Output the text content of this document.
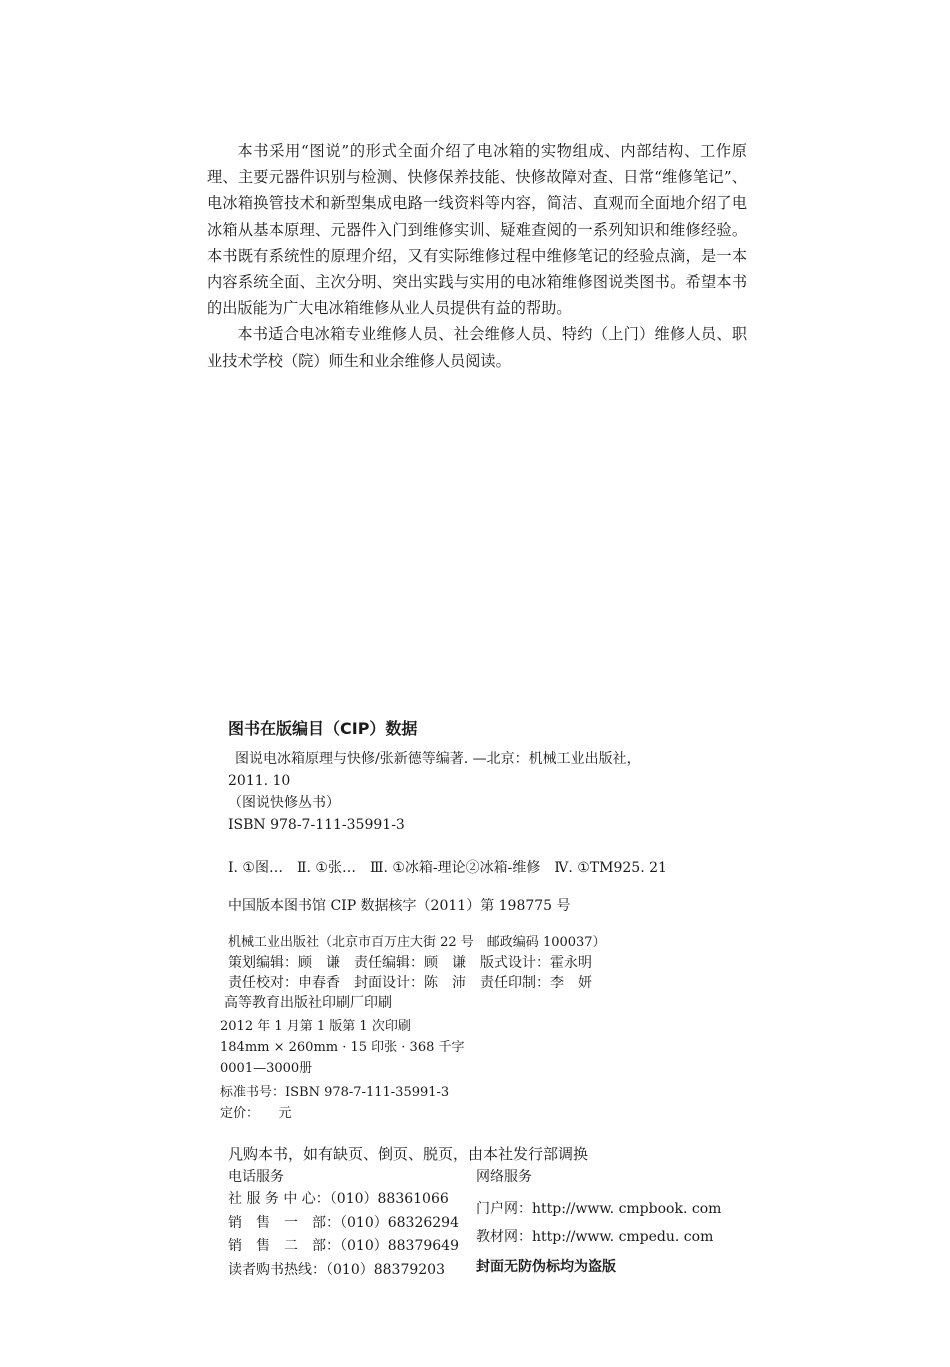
本书采用“图说”的形式全面介绍了电冰箱的实物组成、内部结构、工作原理、主要元器件识别与检测、快修保养技能、快修故障对查、日常“维修笔记”、电冰箱换管技术和新型集成电路一线资料等内容，简洁、直观而全面地介绍了电冰箱从基本原理、元器件入门到维修实训、疑难查阅的一系列知识和维修经验。本书既有系统性的原理介绍，又有实际维修过程中维修笔记的经验点滴，是一本内容系统全面、主次分明、突出实践与实用的电冰箱维修图说类图书。希望本书的出版能为广大电冰箱维修从业人员提供有益的帮助。

本书适合电冰箱专业维修人员、社会维修人员、特约（上门）维修人员、职业技术学校（院）师生和业余维修人员阅读。

图书在版编目（CIP）数据
图说电冰箱原理与快修/张新德等编著. —北京：机械工业出版社，
2011. 10
（图说快修丛书）
ISBN 978-7-111-35991-3
Ⅰ. ①图…　Ⅱ. ①张…　Ⅲ. ①冰箱-理论②冰箱-维修　Ⅳ. ①TM925. 21
中国版本图书馆 CIP 数据核字（2011）第 198775 号
机械工业出版社（北京市百万庄大街 22 号　邮政编码 100037）
策划编辑：顾　谦　责任编辑：顾　谦　版式设计：霍永明
责任校对：申春香　封面设计：陈　沛　责任印制：李　妍
高等教育出版社印刷厂印刷
2012 年 1 月第 1 版第 1 次印刷
184mm × 260mm · 15 印张 · 368 千字
0001—3000册
标准书号：ISBN 978-7-111-35991-3
定价：　　元
凡购本书，如有缺页、倒页、脱页，由本社发行部调换
电话服务	网络服务
社 服 务 中 心：（010）88361066
销　售　一　部：（010）68326294
销　售　二　部：（010）88379649
读者购书热线：（010）88379203
门户网：http://www. cmpbook. com
教材网：http://www. cmpedu. com
封面无防伪标均为盗版
